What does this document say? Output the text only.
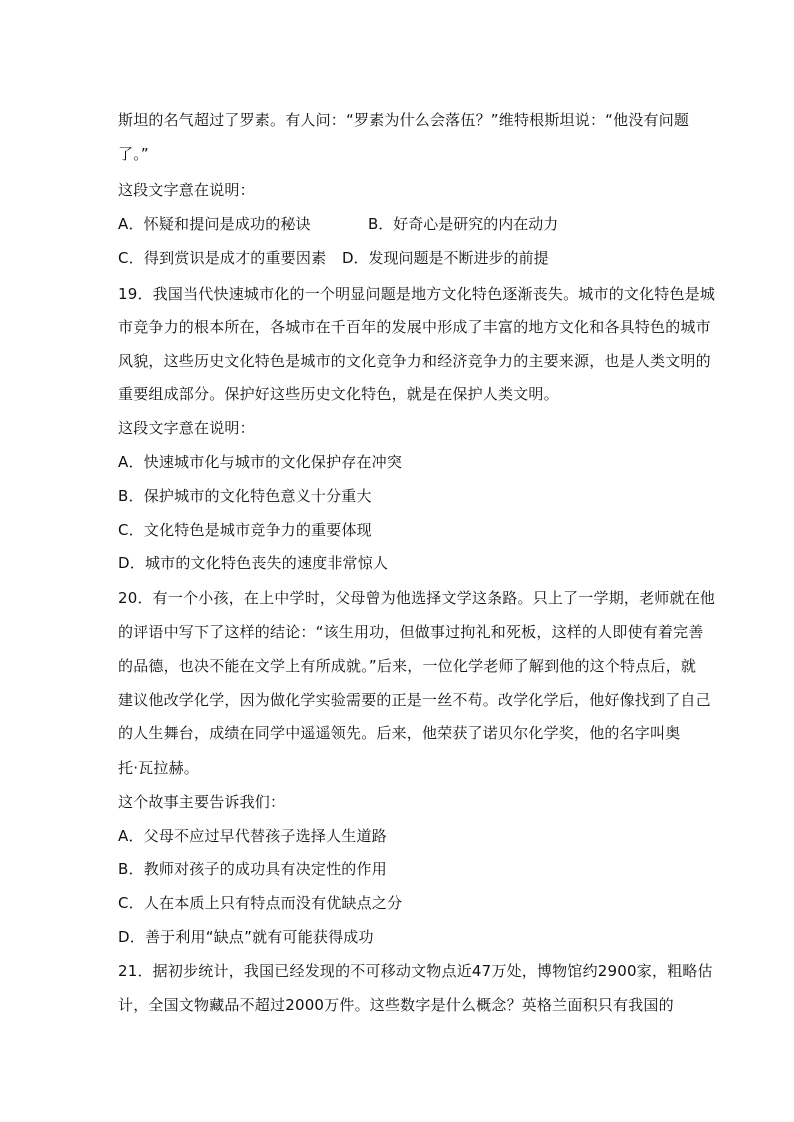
斯坦的名气超过了罗素。有人问：“罗素为什么会落伍？”维特根斯坦说：“他没有问题
了。”
这段文字意在说明：
A．怀疑和提问是成功的秘诀	B．好奇心是研究的内在动力
C．得到赏识是成才的重要因素 D．发现问题是不断进步的前提
19．我国当代快速城市化的一个明显问题是地方文化特色逐渐丧失。城市的文化特色是城
市竞争力的根本所在，各城市在千百年的发展中形成了丰富的地方文化和各具特色的城市
风貌，这些历史文化特色是城市的文化竞争力和经济竞争力的主要来源，也是人类文明的
重要组成部分。保护好这些历史文化特色，就是在保护人类文明。
这段文字意在说明：
A．快速城市化与城市的文化保护存在冲突
B．保护城市的文化特色意义十分重大
C．文化特色是城市竞争力的重要体现
D．城市的文化特色丧失的速度非常惊人
20．有一个小孩，在上中学时，父母曾为他选择文学这条路。只上了一学期，老师就在他
的评语中写下了这样的结论：“该生用功，但做事过拘礼和死板，这样的人即使有着完善
的品德，也决不能在文学上有所成就。”后来，一位化学老师了解到他的这个特点后，就
建议他改学化学，因为做化学实验需要的正是一丝不苟。改学化学后，他好像找到了自己
的人生舞台，成绩在同学中遥遥领先。后来，他荣获了诺贝尔化学奖，他的名字叫奥
托·瓦拉赫。
这个故事主要告诉我们：
A．父母不应过早代替孩子选择人生道路
B．教师对孩子的成功具有决定性的作用
C．人在本质上只有特点而没有优缺点之分
D．善于利用“缺点”就有可能获得成功
21．据初步统计，我国已经发现的不可移动文物点近47万处，博物馆约2900家，粗略估
计，全国文物藏品不超过2000万件。这些数字是什么概念？英格兰面积只有我国的
